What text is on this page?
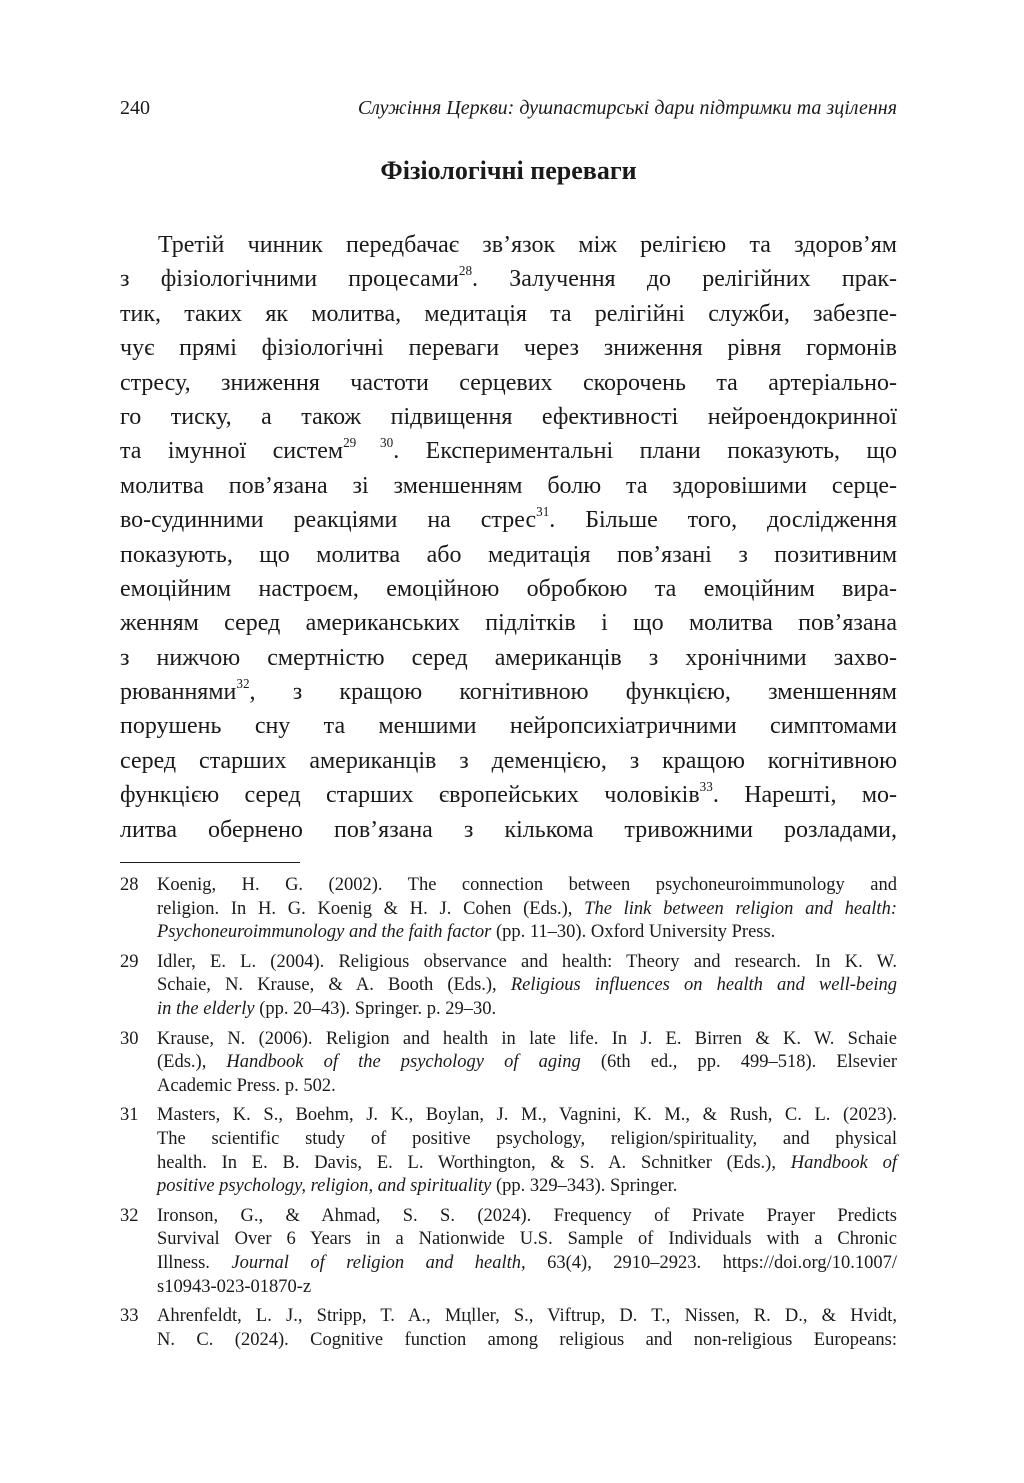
240	Служіння Церкви: душпастирські дари підтримки та зцілення
Фізіологічні переваги
Третій чинник передбачає зв’язок між релігією та здоров’ям
з фізіологічними процесами$^{28}$. Залучення до релігійних прак-
тик, таких як молитва, медитація та релігійні служби, забезпе-
чує прямі фізіологічні переваги через зниження рівня гормонів
стресу, зниження частоти серцевих скорочень та артеріально-
го тиску, а також підвищення ефективності нейроендокринної
та імунної систем$^{29 30}$. Експериментальні плани показують, що
молитва пов’язана зі зменшенням болю та здоровішими серце-
во-судинними реакціями на стрес$^{31}$. Більше того, дослідження
показують, що молитва або медитація пов’язані з позитивним
емоційним настроєм, емоційною обробкою та емоційним вира-
женням серед американських підлітків і що молитва пов’язана
з нижчою смертністю серед американців з хронічними захво-
рюваннями$^{32}$, з кращою когнітивною функцією, зменшенням
порушень сну та меншими нейропсихіатричними симптомами
серед старших американців з деменцією, з кращою когнітивною
функцією серед старших європейських чоловіків$^{33}$. Нарешті, мо-
литва обернено пов’язана з кількома тривожними розладами,
28	Koenig, H. G. (2002). The connection between psychoneuroimmunology and
religion. In H. G. Koenig & H. J. Cohen (Eds.), The link between religion and health:
Psychoneuroimmunology and the faith factor (pp. 11–30). Oxford University Press.
29	Idler, E. L. (2004). Religious observance and health: Theory and research. In K. W.
Schaie, N. Krause, & A. Booth (Eds.), Religious influences on health and well-being
in the elderly (pp. 20–43). Springer. p. 29–30.
30	Krause, N. (2006). Religion and health in late life. In J. E. Birren & K. W. Schaie
(Eds.), Handbook of the psychology of aging (6th ed., pp. 499–518). Elsevier
Academic Press. p. 502.
31	Masters, K. S., Boehm, J. K., Boylan, J. M., Vagnini, K. M., & Rush, C. L. (2023).
The scientific study of positive psychology, religion/spirituality, and physical
health. In E. B. Davis, E. L. Worthington, & S. A. Schnitker (Eds.), Handbook of
positive psychology, religion, and spirituality (pp. 329–343). Springer.
32	Ironson, G., & Ahmad, S. S. (2024). Frequency of Private Prayer Predicts
Survival Over 6 Years in a Nationwide U.S. Sample of Individuals with a Chronic
Illness. Journal of religion and health, 63(4), 2910–2923. https://doi.org/10.1007/
s10943-023-01870-z
33	Ahrenfeldt, L. J., Stripp, T. A., Mцller, S., Viftrup, D. T., Nissen, R. D., & Hvidt,
N. C. (2024). Cognitive function among religious and non-religious Europeans:
